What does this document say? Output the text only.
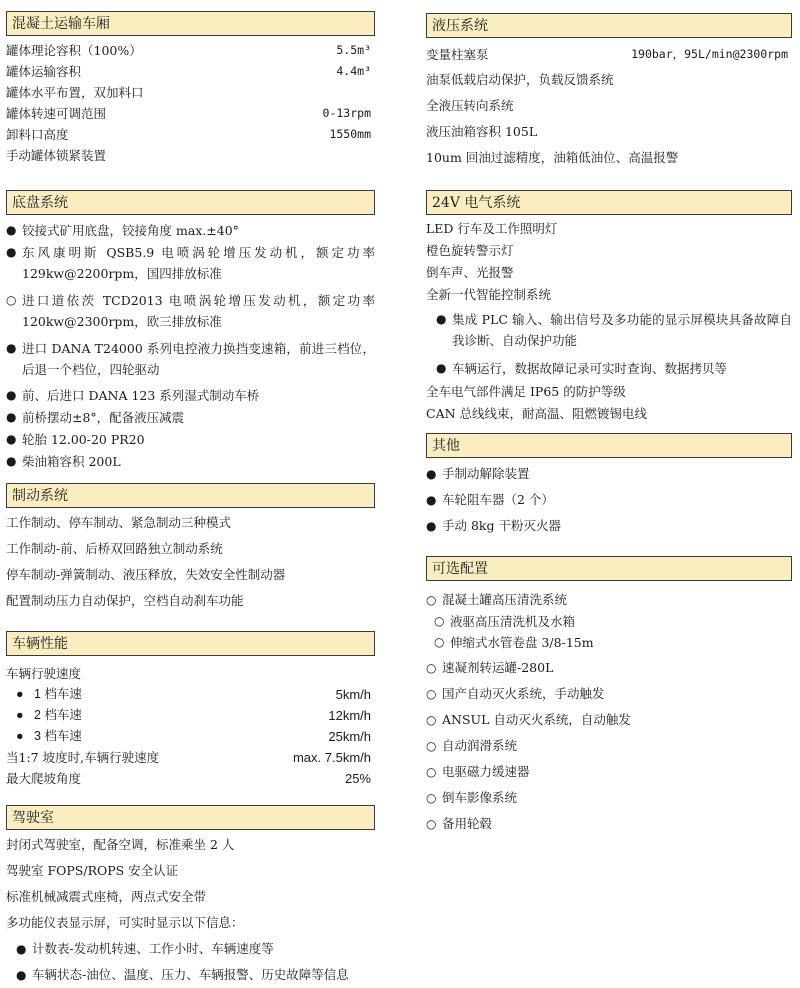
混凝土运输车厢
罐体理论容积（100%）	5.5m³
罐体运输容积	4.4m³
罐体水平布置，双加料口
罐体转速可调范围	0-13rpm
卸料口高度	1550mm
手动罐体锁紧装置
底盘系统
● 铰接式矿用底盘，铰接角度 max.±40°
● 东风康明斯 QSB5.9 电喷涡轮增压发动机，额定功率 129kw@2200rpm，国四排放标准
○ 进口道依茨 TCD2013 电喷涡轮增压发动机，额定功率 120kw@2300rpm，欧三排放标准
● 进口 DANA T24000 系列电控液力换挡变速箱，前进三档位，后退一个档位，四轮驱动
● 前、后进口 DANA 123 系列湿式制动车桥
● 前桥摆动±8°，配备液压减震
● 轮胎 12.00-20 PR20
● 柴油箱容积 200L
制动系统
工作制动、停车制动、紧急制动三种模式
工作制动-前、后桥双回路独立制动系统
停车制动-弹簧制动、液压释放，失效安全性制动器
配置制动压力自动保护，空档自动刹车功能
车辆性能
车辆行驶速度
● 1 档车速	5km/h
● 2 档车速	12km/h
● 3 档车速	25km/h
当1:7 坡度时,车辆行驶速度	max. 7.5km/h
最大爬坡角度	25%
驾驶室
封闭式驾驶室，配备空调，标准乘坐 2 人
驾驶室 FOPS/ROPS 安全认证
标准机械减震式座椅，两点式安全带
多功能仪表显示屏，可实时显示以下信息：
● 计数表-发动机转速、工作小时、车辆速度等
● 车辆状态-油位、温度、压力、车辆报警、历史故障等信息
液压系统
变量柱塞泵	190bar，95L/min@2300rpm
油泵低载启动保护，负载反馈系统
全液压转向系统
液压油箱容积 105L
10um 回油过滤精度，油箱低油位、高温报警
24V 电气系统
LED 行车及工作照明灯
橙色旋转警示灯
倒车声、光报警
全新一代智能控制系统
● 集成 PLC 输入、输出信号及多功能的显示屏模块具备故障自我诊断、自动保护功能
● 车辆运行，数据故障记录可实时查询、数据拷贝等
全车电气部件满足 IP65 的防护等级
CAN 总线线束，耐高温、阻燃镀锡电线
其他
● 手制动解除装置
● 车轮阻车器（2 个）
● 手动 8kg 干粉灭火器
可选配置
○ 混凝土罐高压清洗系统
○ 液驱高压清洗机及水箱
○ 伸缩式水管卷盘 3/8-15m
○ 速凝剂转运罐-280L
○ 国产自动灭火系统，手动触发
○ ANSUL 自动灭火系统，自动触发
○ 自动润滑系统
○ 电驱磁力缓速器
○ 倒车影像系统
○ 备用轮毂
